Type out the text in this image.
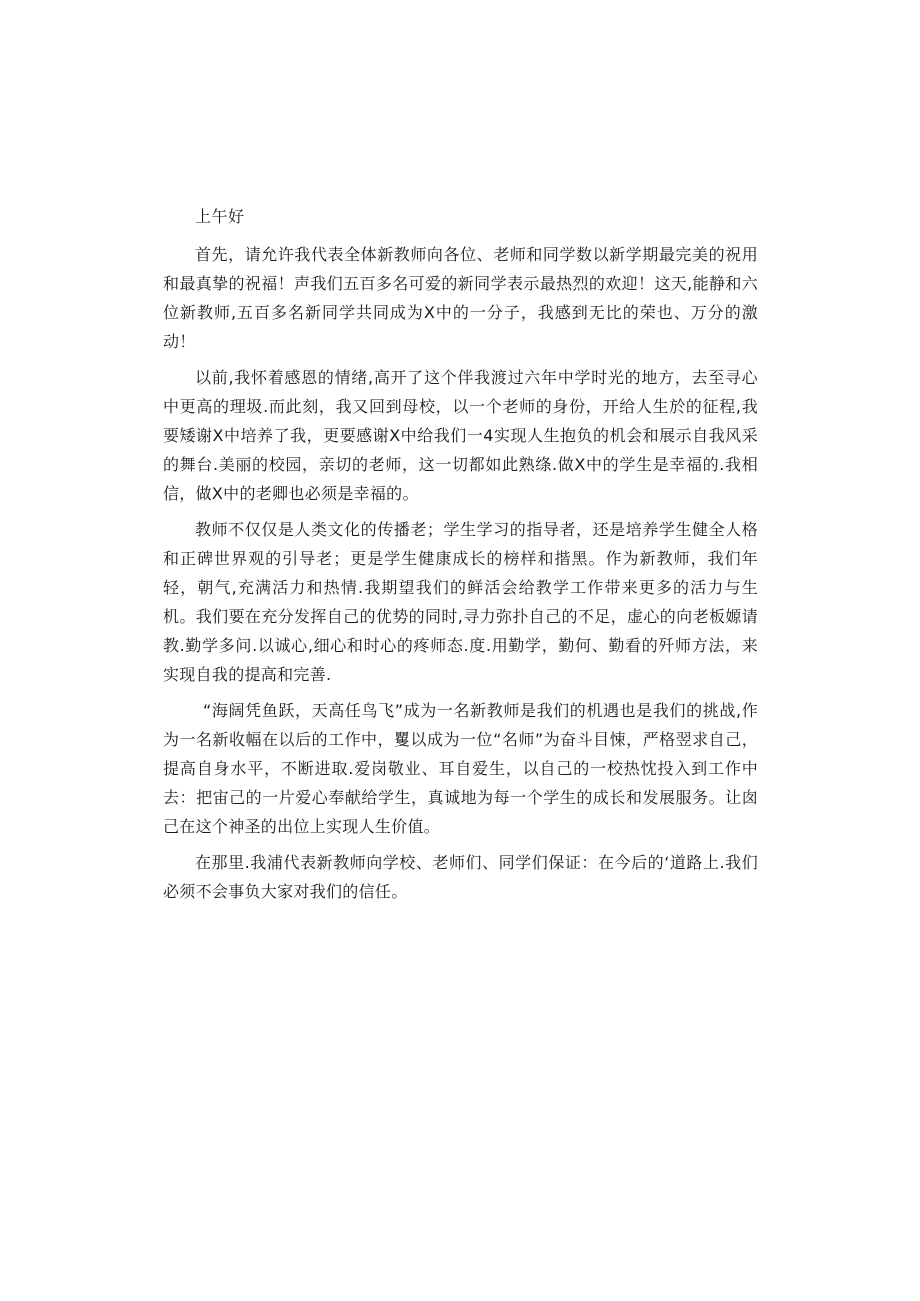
上午好

首先，请允许我代表全体新教师向各位、老师和同学数以新学期最完美的祝用和最真挚的祝福！声我们五百多名可爱的新同学表示最热烈的欢迎！这天,能静和六位新教师,五百多名新同学共同成为X中的一分子，我感到无比的荣也、万分的激动！

以前,我怀着感恩的情绪,高开了这个伴我渡过六年中学时光的地方，去至寻心中更高的理圾.而此刻，我又回到母校，以一个老师的身份，开给人生於的征程,我要矮谢X中培养了我，更要感谢X中给我们一4实现人生抱负的机会和展示自我风采的舞台.美丽的校园，亲切的老师，这一切都如此熟绦.做X中的学生是幸福的.我相信，做X中的老卿也必须是幸福的。

教师不仅仅是人类文化的传播老；学生学习的指导者，还是培养学生健全人格和正碑世界观的引导老；更是学生健康成长的榜样和揩黑。作为新教师，我们年轻，朝气,充满活力和热情.我期望我们的鲜活会给教学工作带来更多的活力与生机。我们要在充分发挥自己的优势的同时,寻力弥扑自己的不足，虚心的向老板嫄请教.勤学多问.以诚心,细心和时心的疼师态.度.用勤学，勤何、勤看的歼师方法，来实现自我的提高和完善.

“海阔凭鱼跃，天高任鸟飞”成为一名新教师是我们的机遇也是我们的挑战,作为一名新收幅在以后的工作中，矍以成为一位“名师”为奋斗目悚，严格翌求自己，提高自身水平，不断进取.爱岗敬业、耳自爱生，以自己的一校热忱投入到工作中去：把宙己的一片爱心奉献给学生，真诚地为每一个学生的成长和发展服务。让囱己在这个神圣的出位上实现人生价值。

在那里.我浦代表新教师向学校、老师们、同学们保证：在今后的‘道路上.我们必须不会事负大家对我们的信任。
